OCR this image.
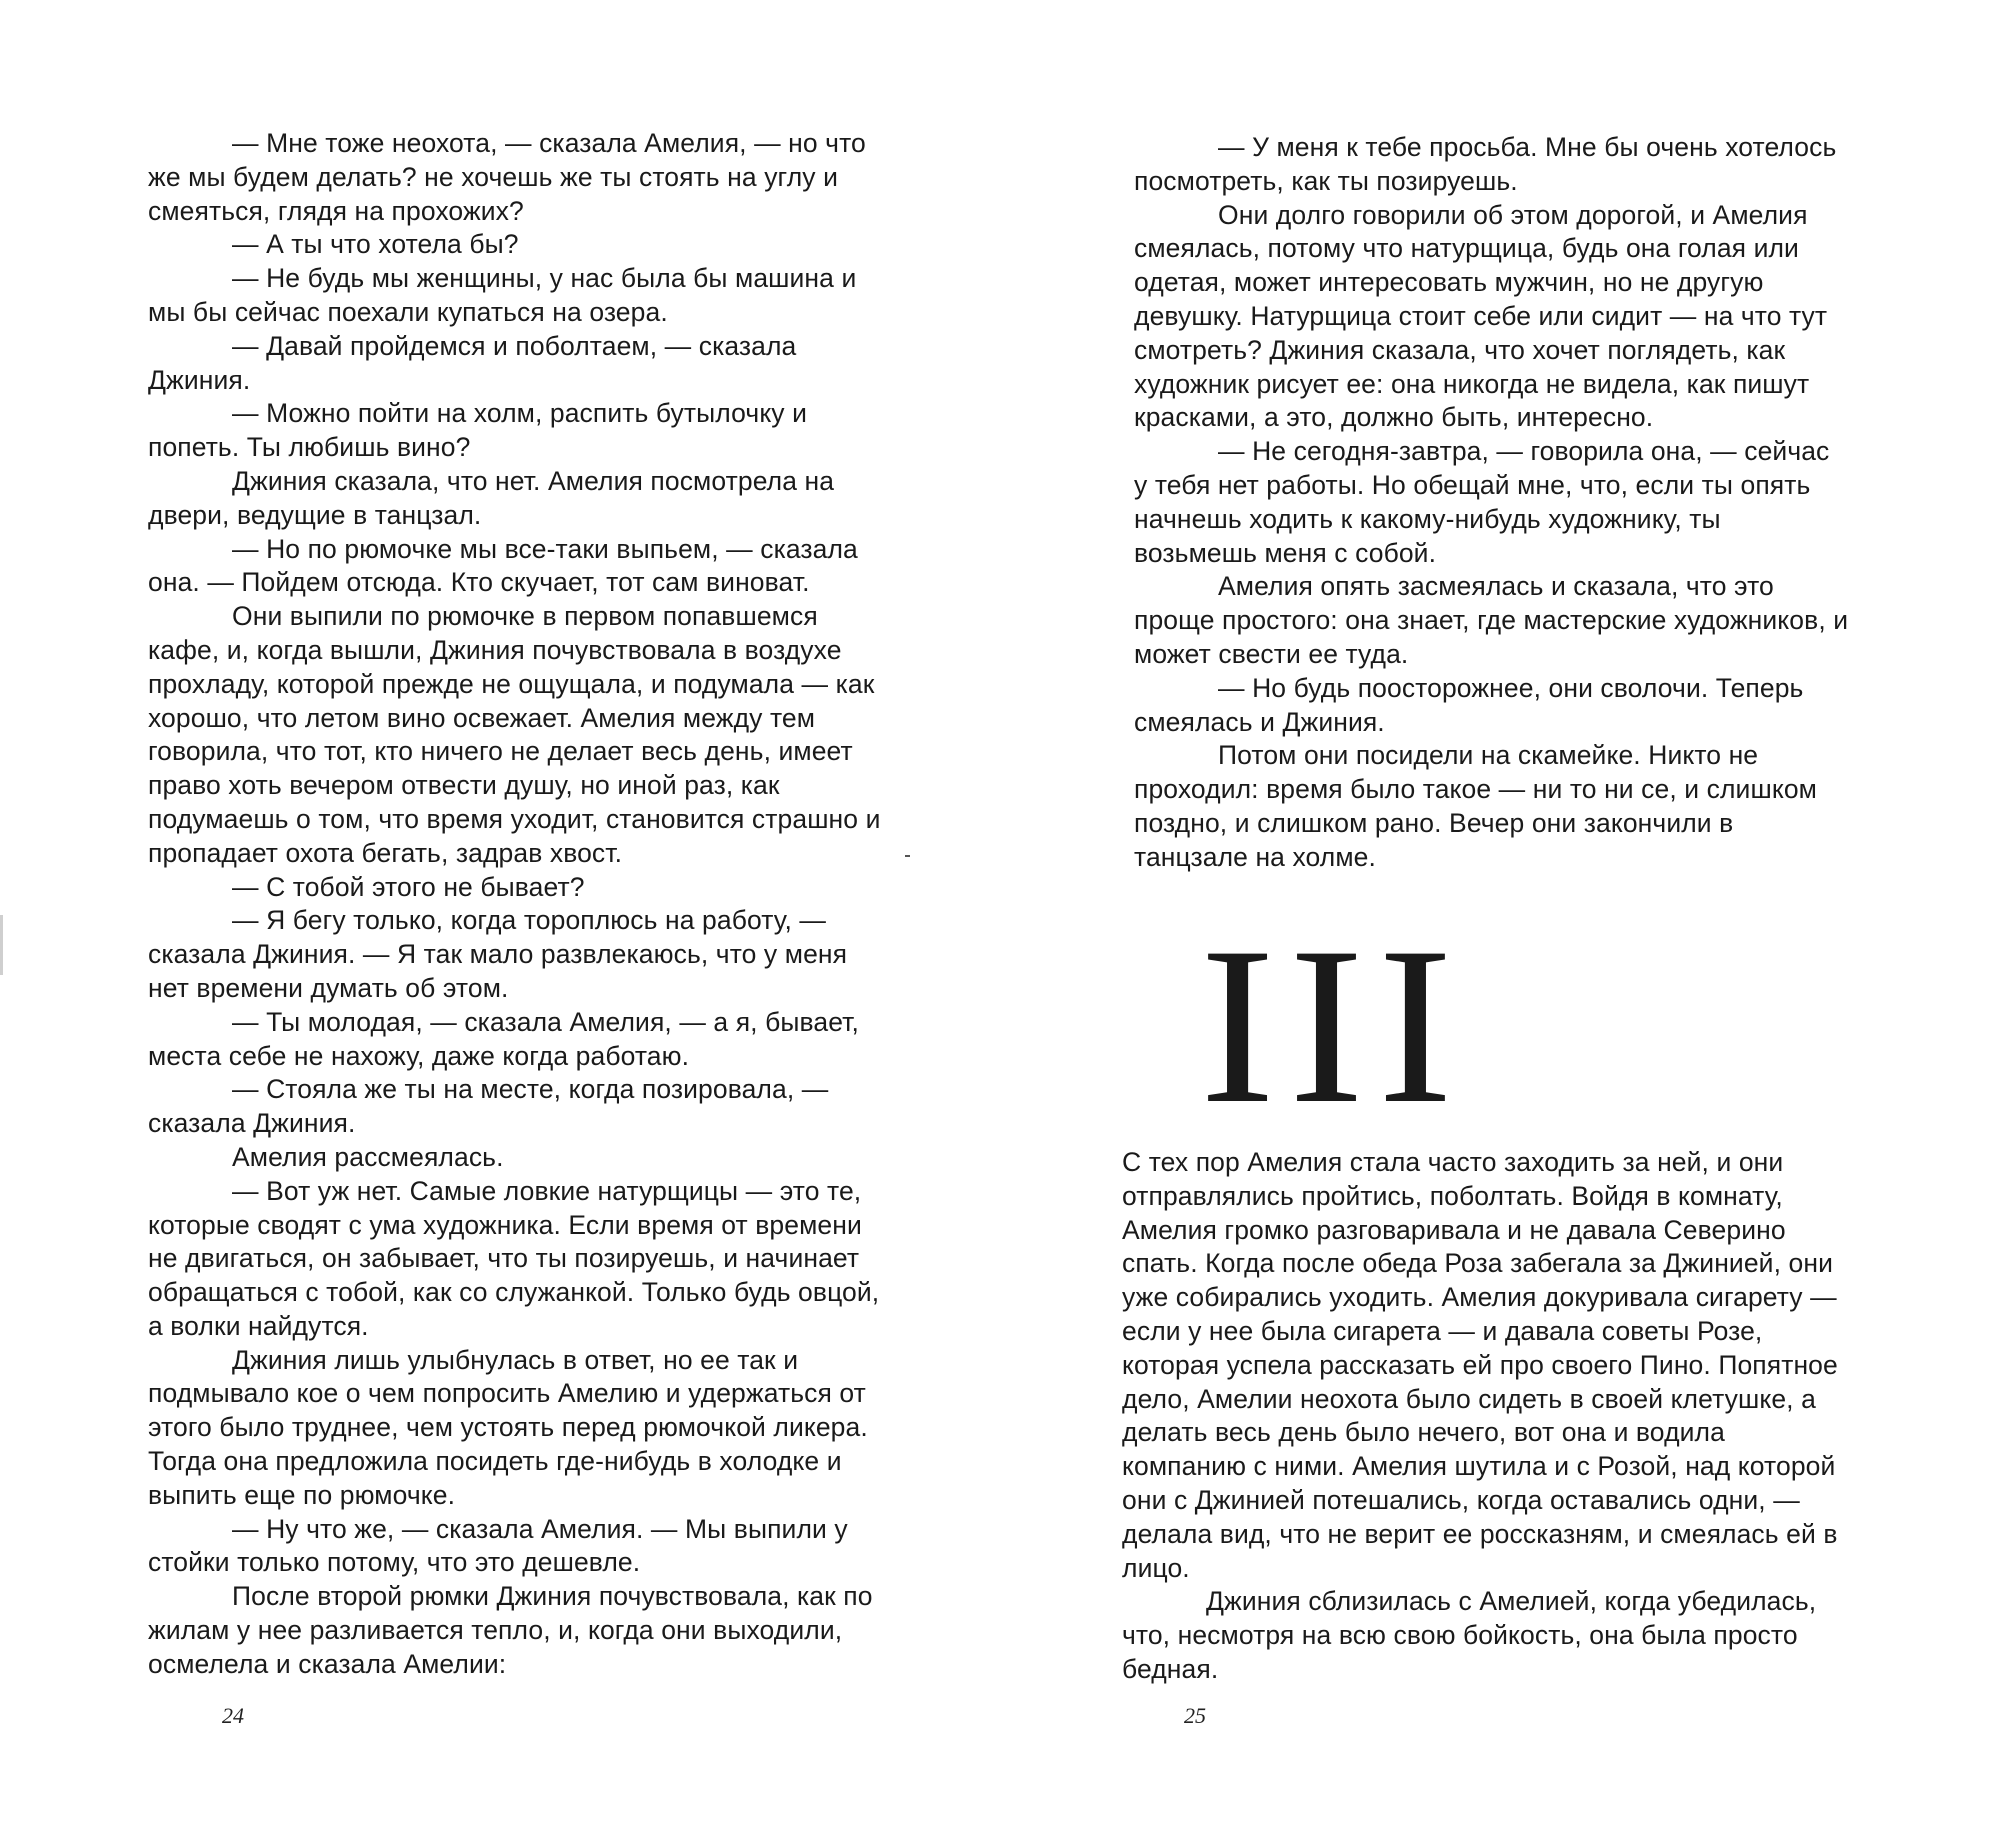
— Мне тоже неохота, — сказала Амелия, — но что же мы будем делать? не хочешь же ты стоять на углу и смеяться, глядя на прохожих?

— А ты что хотела бы?

— Не будь мы женщины, у нас была бы машина и мы бы сейчас поехали купаться на озера.

— Давай пройдемся и поболтаем, — сказала Джиния.

— Можно пойти на холм, распить бутылочку и попеть. Ты любишь вино?

Джиния сказала, что нет. Амелия посмотрела на двери, ведущие в танцзал.

— Но по рюмочке мы все-таки выпьем, — сказала она. — Пойдем отсюда. Кто скучает, тот сам виноват.

Они выпили по рюмочке в первом попавшемся кафе, и, когда вышли, Джиния почувствовала в воздухе прохладу, которой прежде не ощущала, и подумала — как хорошо, что летом вино освежает. Амелия между тем говорила, что тот, кто ничего не делает весь день, имеет право хоть вечером отвести душу, но иной раз, как подумаешь о том, что время уходит, становится страшно и пропадает охота бегать, задрав хвост.

— С тобой этого не бывает?

— Я бегу только, когда тороплюсь на работу, — сказала Джиния. — Я так мало развлекаюсь, что у меня нет времени думать об этом.

— Ты молодая, — сказала Амелия, — а я, бывает, места себе не нахожу, даже когда работаю.

— Стояла же ты на месте, когда позировала, — сказала Джиния.

Амелия рассмеялась.

— Вот уж нет. Самые ловкие натурщицы — это те, которые сводят с ума художника. Если время от времени не двигаться, он забывает, что ты позируешь, и начинает обращаться с тобой, как со служанкой. Только будь овцой, а волки найдутся.

Джиния лишь улыбнулась в ответ, но ее так и подмывало кое о чем попросить Амелию и удержаться от этого было труднее, чем устоять перед рюмочкой ликера. Тогда она предложила посидеть где-нибудь в холодке и выпить еще по рюмочке.

— Ну что же, — сказала Амелия. — Мы выпили у стойки только потому, что это дешевле.

После второй рюмки Джиния почувствовала, как по жилам у нее разливается тепло, и, когда они выходили, осмелела и сказала Амелии:

24

— У меня к тебе просьба. Мне бы очень хотелось посмотреть, как ты позируешь.

Они долго говорили об этом дорогой, и Амелия смеялась, потому что натурщица, будь она голая или одетая, может интересовать мужчин, но не другую девушку. Натурщица стоит себе или сидит — на что тут смотреть? Джиния сказала, что хочет поглядеть, как художник рисует ее: она никогда не видела, как пишут красками, а это, должно быть, интересно.

— Не сегодня-завтра, — говорила она, — сейчас у тебя нет работы. Но обещай мне, что, если ты опять начнешь ходить к какому-нибудь художнику, ты возьмешь меня с собой.

Амелия опять засмеялась и сказала, что это проще простого: она знает, где мастерские художников, и может свести ее туда.

— Но будь поосторожнее, они сволочи. Теперь смеялась и Джиния.

Потом они посидели на скамейке. Никто не проходил: время было такое — ни то ни се, и слишком поздно, и слишком рано. Вечер они закончили в танцзале на холме.

III

С тех пор Амелия стала часто заходить за ней, и они отправлялись пройтись, поболтать. Войдя в комнату, Амелия громко разговаривала и не давала Северино спать. Когда после обеда Роза забегала за Джинией, они уже собирались уходить. Амелия докуривала сигарету — если у нее была сигарета — и давала советы Розе, которая успела рассказать ей про своего Пино. Попятное дело, Амелии неохота было сидеть в своей клетушке, а делать весь день было нечего, вот она и водила компанию с ними. Амелия шутила и с Розой, над которой они с Джинией потешались, когда оставались одни, — делала вид, что не верит ее россказням, и смеялась ей в лицо.

Джиния сблизилась с Амелией, когда убедилась, что, несмотря на всю свою бойкость, она была просто бедная.

25
